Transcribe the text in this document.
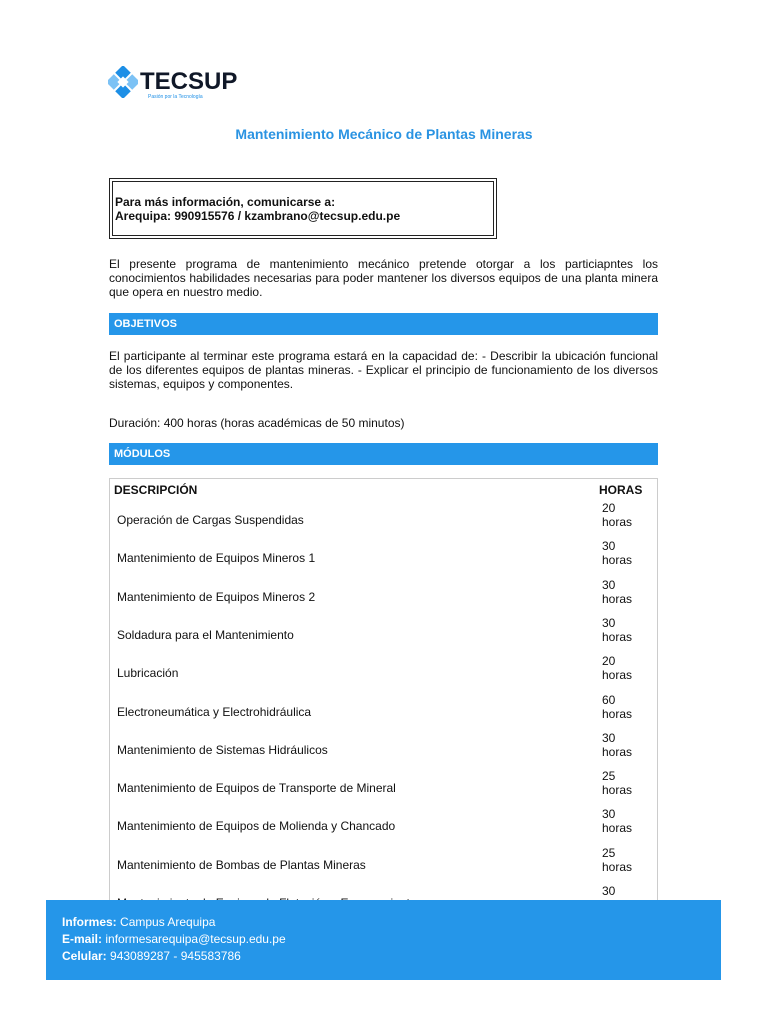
TECSUP
Pasión por la Tecnología
Mantenimiento Mecánico de Plantas Mineras
Para más información, comunicarse a:
Arequipa: 990915576 / kzambrano@tecsup.edu.pe
El presente programa de mantenimiento mecánico pretende otorgar a los particiapntes los conocimientos habilidades necesarias para poder mantener los diversos equipos de una planta minera que opera en nuestro medio.
OBJETIVOS
El participante al terminar este programa estará en la capacidad de: - Describir la ubicación funcional de los diferentes equipos de plantas mineras. - Explicar el principio de funcionamiento de los diversos sistemas, equipos y componentes.
Duración: 400 horas (horas académicas de 50 minutos)
MÓDULOS
DESCRIPCIÓN	HORAS
Operación de Cargas Suspendidas
20
horas
Mantenimiento de Equipos Mineros 1
30
horas
Mantenimiento de Equipos Mineros 2
30
horas
Soldadura para el Mantenimiento
30
horas
Lubricación
20
horas
Electroneumática y Electrohidráulica
60
horas
Mantenimiento de Sistemas Hidráulicos
30
horas
Mantenimiento de Equipos de Transporte de Mineral
25
horas
Mantenimiento de Equipos de Molienda y Chancado
30
horas
Mantenimiento de Bombas de Plantas Mineras
25
horas
30
Informes: Campus Arequipa
E-mail: informesarequipa@tecsup.edu.pe
Celular: 943089287 - 945583786
